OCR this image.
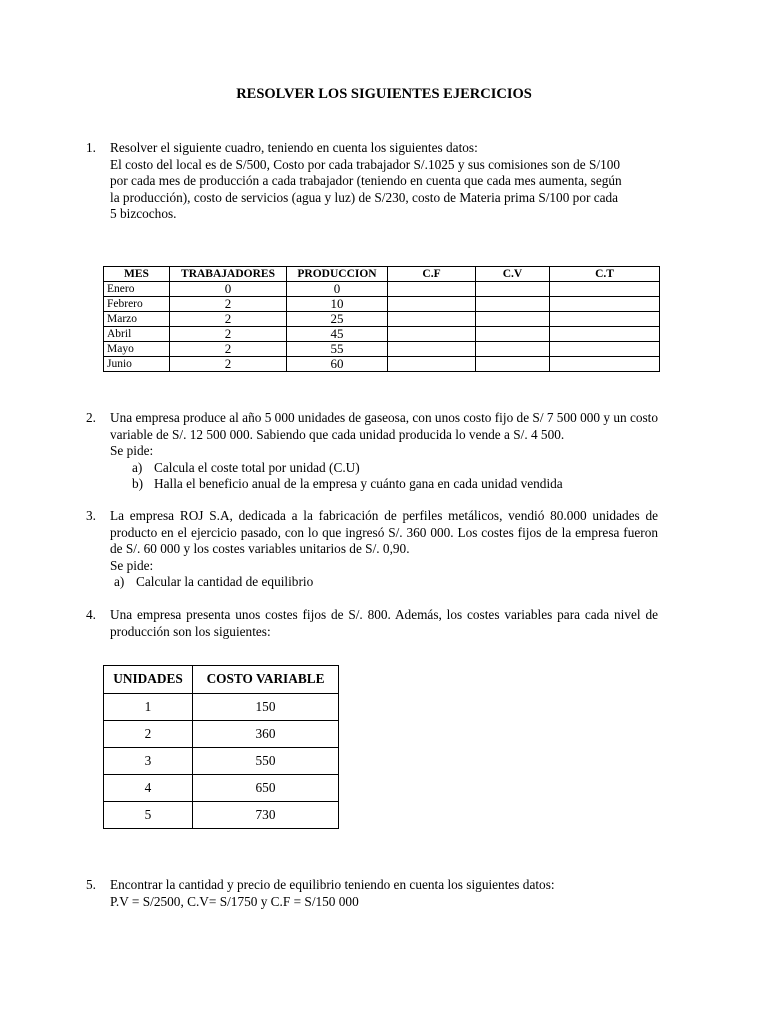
RESOLVER LOS SIGUIENTES EJERCICIOS
1. Resolver el siguiente cuadro, teniendo en cuenta los siguientes datos:

El costo del local es de S/500, Costo por cada trabajador S/.1025 y sus comisiones son de S/100

por cada mes de producción a cada trabajador (teniendo en cuenta que cada mes aumenta, según

la producción), costo de servicios (agua y luz) de S/230, costo de Materia prima S/100 por cada

5 bizcochos.

MES	TRABAJADORES	PRODUCCION	C.F	C.V	C.T
Enero	0	0			
Febrero	2	10			
Marzo	2	25			
Abril	2	45			
Mayo	2	55			
Junio	2	60			
2. Una empresa produce al año 5 000 unidades de gaseosa, con unos costo fijo de S/ 7 500 000 y un costo variable de S/. 12 500 000. Sabiendo que cada unidad producida lo vende a S/. 4 500.

Se pide:

a) Calcula el coste total por unidad (C.U)
b) Halla el beneficio anual de la empresa y cuánto gana en cada unidad vendida
3. La empresa ROJ S.A, dedicada a la fabricación de perfiles metálicos, vendió 80.000 unidades de producto en el ejercicio pasado, con lo que ingresó S/. 360 000. Los costes fijos de la empresa fueron de S/. 60 000 y los costes variables unitarios de S/. 0,90.

Se pide:

a) Calcular la cantidad de equilibrio
4. Una empresa presenta unos costes fijos de S/. 800. Además, los costes variables para cada nivel de producción son los siguientes:

UNIDADES	COSTO VARIABLE
1	150
2	360
3	550
4	650
5	730
5. Encontrar la cantidad y precio de equilibrio teniendo en cuenta los siguientes datos:

P.V = S/2500, C.V= S/1750 y C.F = S/150 000
